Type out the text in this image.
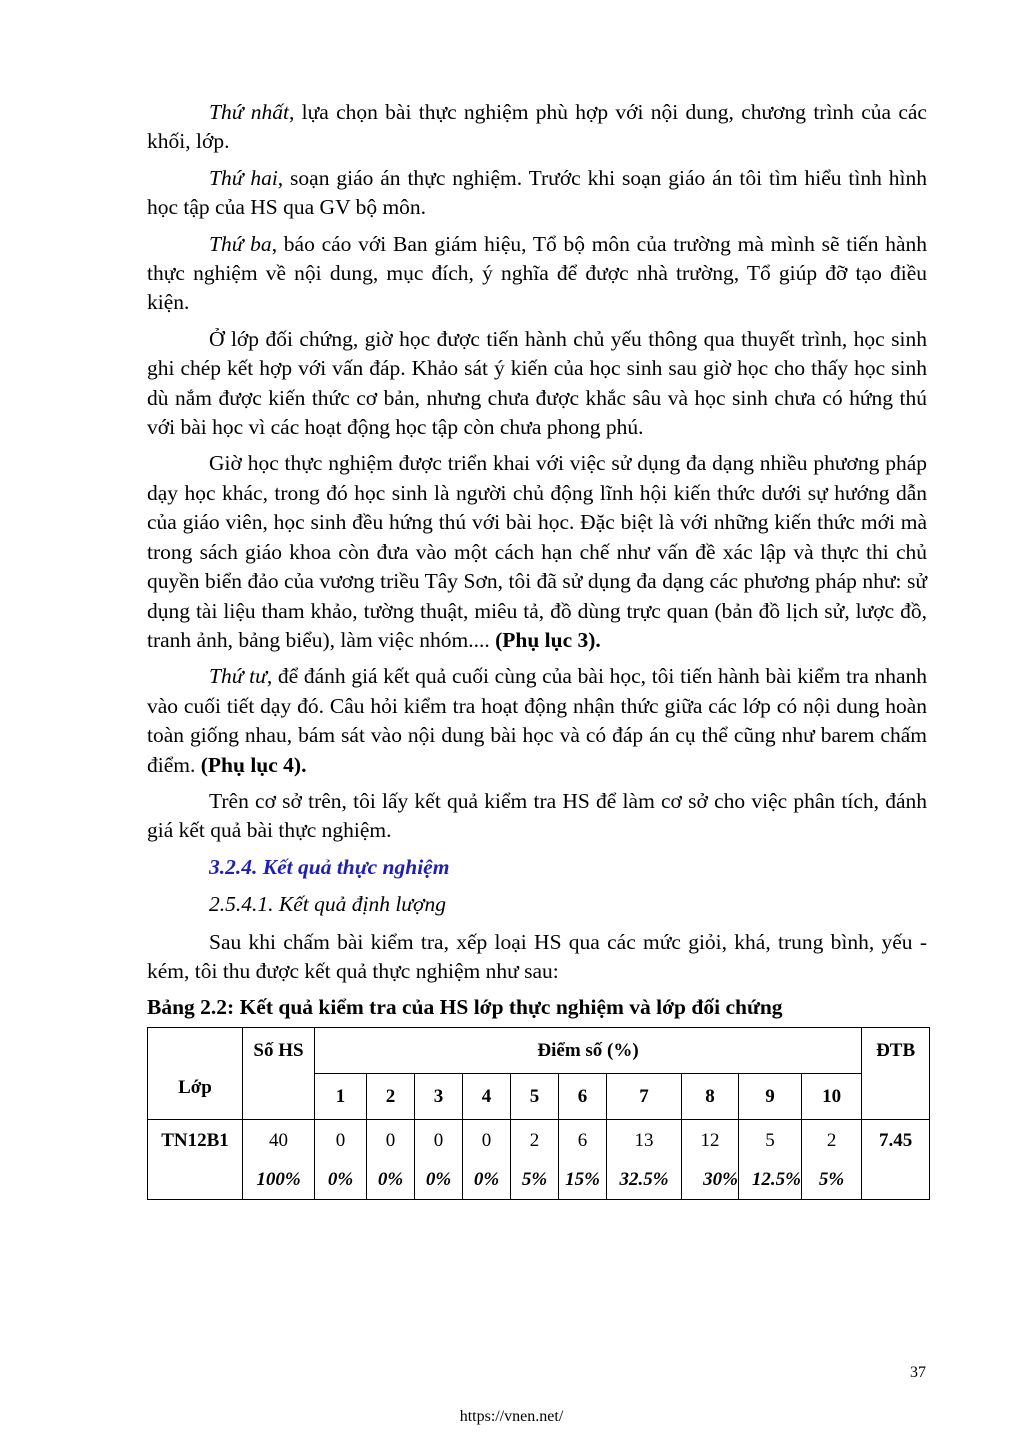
Thứ nhất, lựa chọn bài thực nghiệm phù hợp với nội dung, chương trình của các khối, lớp.

Thứ hai, soạn giáo án thực nghiệm. Trước khi soạn giáo án tôi tìm hiểu tình hình học tập của HS qua GV bộ môn.

Thứ ba, báo cáo với Ban giám hiệu, Tổ bộ môn của trường mà mình sẽ tiến hành thực nghiệm về nội dung, mục đích, ý nghĩa để được nhà trường, Tổ giúp đỡ tạo điều kiện.

Ở lớp đối chứng, giờ học được tiến hành chủ yếu thông qua thuyết trình, học sinh ghi chép kết hợp với vấn đáp. Khảo sát ý kiến của học sinh sau giờ học cho thấy học sinh dù nắm được kiến thức cơ bản, nhưng chưa được khắc sâu và học sinh chưa có hứng thú với bài học vì các hoạt động học tập còn chưa phong phú.

Giờ học thực nghiệm được triển khai với việc sử dụng đa dạng nhiều phương pháp dạy học khác, trong đó học sinh là người chủ động lĩnh hội kiến thức dưới sự hướng dẫn của giáo viên, học sinh đều hứng thú với bài học. Đặc biệt là với những kiến thức mới mà trong sách giáo khoa còn đưa vào một cách hạn chế như vấn đề xác lập và thực thi chủ quyền biển đảo của vương triều Tây Sơn, tôi đã sử dụng đa dạng các phương pháp như: sử dụng tài liệu tham khảo, tường thuật, miêu tả, đồ dùng trực quan (bản đồ lịch sử, lược đồ, tranh ảnh, bảng biểu), làm việc nhóm.... (Phụ lục 3).

Thứ tư, để đánh giá kết quả cuối cùng của bài học, tôi tiến hành bài kiểm tra nhanh vào cuối tiết dạy đó. Câu hỏi kiểm tra hoạt động nhận thức giữa các lớp có nội dung hoàn toàn giống nhau, bám sát vào nội dung bài học và có đáp án cụ thể cũng như barem chấm điểm. (Phụ lục 4).

Trên cơ sở trên, tôi lấy kết quả kiểm tra HS để làm cơ sở cho việc phân tích, đánh giá kết quả bài thực nghiệm.

3.2.4. Kết quả thực nghiệm
2.5.4.1. Kết quả định lượng

Sau khi chấm bài kiểm tra, xếp loại HS qua các mức giỏi, khá, trung bình, yếu - kém, tôi thu được kết quả thực nghiệm như sau:

Bảng 2.2: Kết quả kiểm tra của HS lớp thực nghiệm và lớp đối chứng
	Số HS	Điểm số (%)										ĐTB
Lớp		1	2	3	4	5	6	7	8	9	10	
TN12B1	40	0	0	0	0	2	6	13	12	5	2	7.45
	100%	0%	0%	0%	0%	5%	15%	32.5%	30%	12.5%	5%	
37
https://vnen.net/
